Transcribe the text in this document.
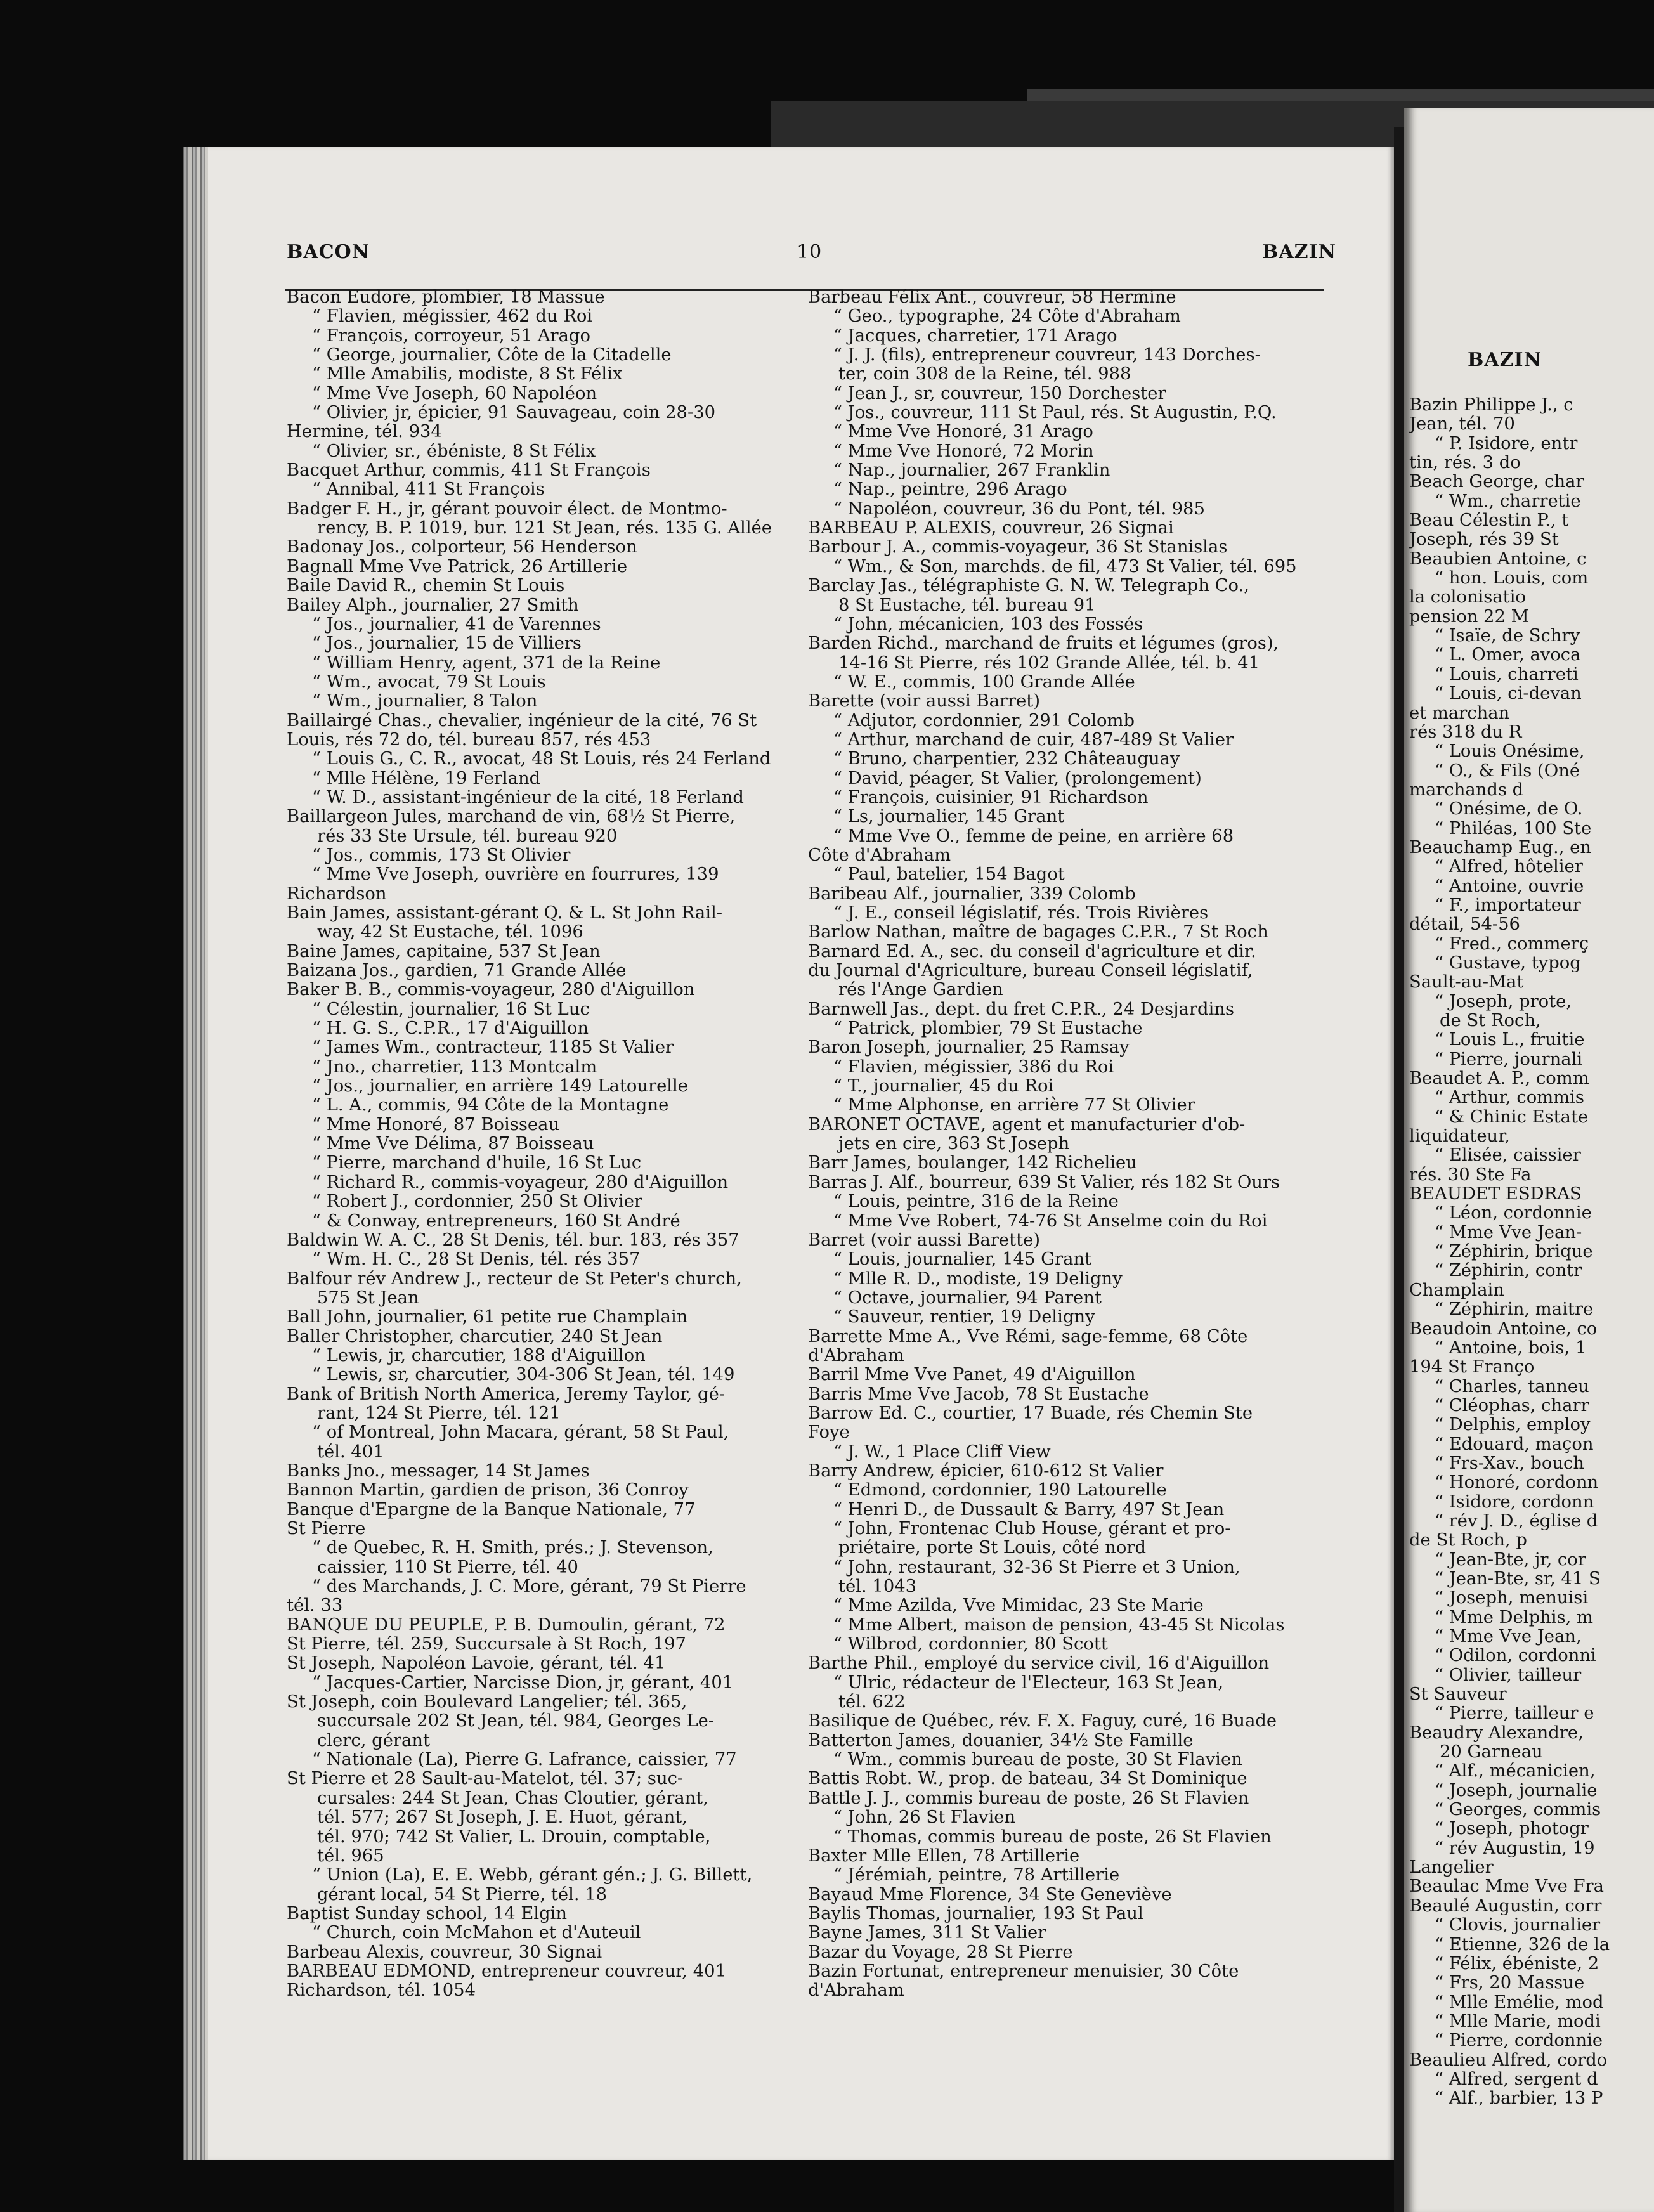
BACON	10	BAZIN
Bacon Eudore, plombier, 18 Massue
“ Flavien, mégissier, 462 du Roi
“ François, corroyeur, 51 Arago
“ George, journalier, Côte de la Citadelle
“ Mlle Amabilis, modiste, 8 St Félix
“ Mme Vve Joseph, 60 Napoléon
“ Olivier, jr, épicier, 91 Sauvageau, coin 28-30
Hermine, tél. 934
“ Olivier, sr., ébéniste, 8 St Félix
Bacquet Arthur, commis, 411 St François
“ Annibal, 411 St François
Badger F. H., jr, gérant pouvoir élect. de Montmo-
rency, B. P. 1019, bur. 121 St Jean, rés. 135 G. Allée
Badonay Jos., colporteur, 56 Henderson
Bagnall Mme Vve Patrick, 26 Artillerie
Baile David R., chemin St Louis
Bailey Alph., journalier, 27 Smith
“ Jos., journalier, 41 de Varennes
“ Jos., journalier, 15 de Villiers
“ William Henry, agent, 371 de la Reine
“ Wm., avocat, 79 St Louis
“ Wm., journalier, 8 Talon
Baillairgé Chas., chevalier, ingénieur de la cité, 76 St
Louis, rés 72 do, tél. bureau 857, rés 453
“ Louis G., C. R., avocat, 48 St Louis, rés 24 Ferland
“ Mlle Hélène, 19 Ferland
“ W. D., assistant-ingénieur de la cité, 18 Ferland
Baillargeon Jules, marchand de vin, 68½ St Pierre,
rés 33 Ste Ursule, tél. bureau 920
“ Jos., commis, 173 St Olivier
“ Mme Vve Joseph, ouvrière en fourrures, 139
Richardson
Bain James, assistant-gérant Q. & L. St John Rail-
way, 42 St Eustache, tél. 1096
Baine James, capitaine, 537 St Jean
Baizana Jos., gardien, 71 Grande Allée
Baker B. B., commis-voyageur, 280 d'Aiguillon
“ Célestin, journalier, 16 St Luc
“ H. G. S., C.P.R., 17 d'Aiguillon
“ James Wm., contracteur, 1185 St Valier
“ Jno., charretier, 113 Montcalm
“ Jos., journalier, en arrière 149 Latourelle
“ L. A., commis, 94 Côte de la Montagne
“ Mme Honoré, 87 Boisseau
“ Mme Vve Délima, 87 Boisseau
“ Pierre, marchand d'huile, 16 St Luc
“ Richard R., commis-voyageur, 280 d'Aiguillon
“ Robert J., cordonnier, 250 St Olivier
“ & Conway, entrepreneurs, 160 St André
Baldwin W. A. C., 28 St Denis, tél. bur. 183, rés 357
“ Wm. H. C., 28 St Denis, tél. rés 357
Balfour rév Andrew J., recteur de St Peter's church,
575 St Jean
Ball John, journalier, 61 petite rue Champlain
Baller Christopher, charcutier, 240 St Jean
“ Lewis, jr, charcutier, 188 d'Aiguillon
“ Lewis, sr, charcutier, 304-306 St Jean, tél. 149
Bank of British North America, Jeremy Taylor, gé-
rant, 124 St Pierre, tél. 121
“ of Montreal, John Macara, gérant, 58 St Paul,
tél. 401
Banks Jno., messager, 14 St James
Bannon Martin, gardien de prison, 36 Conroy
Banque d'Epargne de la Banque Nationale, 77
St Pierre
“ de Quebec, R. H. Smith, prés.; J. Stevenson,
caissier, 110 St Pierre, tél. 40
“ des Marchands, J. C. More, gérant, 79 St Pierre
tél. 33
BANQUE DU PEUPLE, P. B. Dumoulin, gérant, 72
St Pierre, tél. 259, Succursale à St Roch, 197
St Joseph, Napoléon Lavoie, gérant, tél. 41
“ Jacques-Cartier, Narcisse Dion, jr, gérant, 401
St Joseph, coin Boulevard Langelier; tél. 365,
succursale 202 St Jean, tél. 984, Georges Le-
clerc, gérant
“ Nationale (La), Pierre G. Lafrance, caissier, 77
St Pierre et 28 Sault-au-Matelot, tél. 37; suc-
cursales: 244 St Jean, Chas Cloutier, gérant,
tél. 577; 267 St Joseph, J. E. Huot, gérant,
tél. 970; 742 St Valier, L. Drouin, comptable,
tél. 965
“ Union (La), E. E. Webb, gérant gén.; J. G. Billett,
gérant local, 54 St Pierre, tél. 18
Baptist Sunday school, 14 Elgin
“ Church, coin McMahon et d'Auteuil
Barbeau Alexis, couvreur, 30 Signai
BARBEAU EDMOND, entrepreneur couvreur, 401
Richardson, tél. 1054
Barbeau Félix Ant., couvreur, 58 Hermine
“ Geo., typographe, 24 Côte d'Abraham
“ Jacques, charretier, 171 Arago
“ J. J. (fils), entrepreneur couvreur, 143 Dorches-
ter, coin 308 de la Reine, tél. 988
“ Jean J., sr, couvreur, 150 Dorchester
“ Jos., couvreur, 111 St Paul, rés. St Augustin, P.Q.
“ Mme Vve Honoré, 31 Arago
“ Mme Vve Honoré, 72 Morin
“ Nap., journalier, 267 Franklin
“ Nap., peintre, 296 Arago
“ Napoléon, couvreur, 36 du Pont, tél. 985
BARBEAU P. ALEXIS, couvreur, 26 Signai
Barbour J. A., commis-voyageur, 36 St Stanislas
“ Wm., & Son, marchds. de fil, 473 St Valier, tél. 695
Barclay Jas., télégraphiste G. N. W. Telegraph Co.,
8 St Eustache, tél. bureau 91
“ John, mécanicien, 103 des Fossés
Barden Richd., marchand de fruits et légumes (gros),
14-16 St Pierre, rés 102 Grande Allée, tél. b. 41
“ W. E., commis, 100 Grande Allée
Barette (voir aussi Barret)
“ Adjutor, cordonnier, 291 Colomb
“ Arthur, marchand de cuir, 487-489 St Valier
“ Bruno, charpentier, 232 Châteauguay
“ David, péager, St Valier, (prolongement)
“ François, cuisinier, 91 Richardson
“ Ls, journalier, 145 Grant
“ Mme Vve O., femme de peine, en arrière 68
Côte d'Abraham
“ Paul, batelier, 154 Bagot
Baribeau Alf., journalier, 339 Colomb
“ J. E., conseil législatif, rés. Trois Rivières
Barlow Nathan, maître de bagages C.P.R., 7 St Roch
Barnard Ed. A., sec. du conseil d'agriculture et dir.
du Journal d'Agriculture, bureau Conseil législatif,
rés l'Ange Gardien
Barnwell Jas., dept. du fret C.P.R., 24 Desjardins
“ Patrick, plombier, 79 St Eustache
Baron Joseph, journalier, 25 Ramsay
“ Flavien, mégissier, 386 du Roi
“ T., journalier, 45 du Roi
“ Mme Alphonse, en arrière 77 St Olivier
BARONET OCTAVE, agent et manufacturier d'ob-
jets en cire, 363 St Joseph
Barr James, boulanger, 142 Richelieu
Barras J. Alf., bourreur, 639 St Valier, rés 182 St Ours
“ Louis, peintre, 316 de la Reine
“ Mme Vve Robert, 74-76 St Anselme coin du Roi
Barret (voir aussi Barette)
“ Louis, journalier, 145 Grant
“ Mlle R. D., modiste, 19 Deligny
“ Octave, journalier, 94 Parent
“ Sauveur, rentier, 19 Deligny
Barrette Mme A., Vve Rémi, sage-femme, 68 Côte
d'Abraham
Barril Mme Vve Panet, 49 d'Aiguillon
Barris Mme Vve Jacob, 78 St Eustache
Barrow Ed. C., courtier, 17 Buade, rés Chemin Ste
Foye
“ J. W., 1 Place Cliff View
Barry Andrew, épicier, 610-612 St Valier
“ Edmond, cordonnier, 190 Latourelle
“ Henri D., de Dussault & Barry, 497 St Jean
“ John, Frontenac Club House, gérant et pro-
priétaire, porte St Louis, côté nord
“ John, restaurant, 32-36 St Pierre et 3 Union,
tél. 1043
“ Mme Azilda, Vve Mimidac, 23 Ste Marie
“ Mme Albert, maison de pension, 43-45 St Nicolas
“ Wilbrod, cordonnier, 80 Scott
Barthe Phil., employé du service civil, 16 d'Aiguillon
“ Ulric, rédacteur de l'Electeur, 163 St Jean,
tél. 622
Basilique de Québec, rév. F. X. Faguy, curé, 16 Buade
Batterton James, douanier, 34½ Ste Famille
“ Wm., commis bureau de poste, 30 St Flavien
Battis Robt. W., prop. de bateau, 34 St Dominique
Battle J. J., commis bureau de poste, 26 St Flavien
“ John, 26 St Flavien
“ Thomas, commis bureau de poste, 26 St Flavien
Baxter Mlle Ellen, 78 Artillerie
“ Jérémiah, peintre, 78 Artillerie
Bayaud Mme Florence, 34 Ste Geneviève
Baylis Thomas, journalier, 193 St Paul
Bayne James, 311 St Valier
Bazar du Voyage, 28 St Pierre
Bazin Fortunat, entrepreneur menuisier, 30 Côte
d'Abraham
BAZIN
Bazin Philippe J., c
Jean, tél. 70
“ P. Isidore, entr
tin, rés. 3 do
Beach George, char
“ Wm., charretie
Beau Célestin P., t
Joseph, rés 39 St
Beaubien Antoine, c
“ hon. Louis, com
la colonisatio
pension 22 M
“ Isaïe, de Schry
“ L. Omer, avoca
“ Louis, charreti
“ Louis, ci-devan
et marchan
rés 318 du R
“ Louis Onésime,
“ O., & Fils (Oné
marchands d
“ Onésime, de O.
“ Philéas, 100 Ste
Beauchamp Eug., en
“ Alfred, hôtelier
“ Antoine, ouvrie
“ F., importateur
détail, 54-56
“ Fred., commerç
“ Gustave, typog
Sault-au-Mat
“ Joseph, prote,
de St Roch,
“ Louis L., fruitie
“ Pierre, journali
Beaudet A. P., comm
“ Arthur, commis
“ & Chinic Estate
liquidateur,
“ Elisée, caissier
rés. 30 Ste Fa
BEAUDET ESDRAS
“ Léon, cordonnie
“ Mme Vve Jean-
“ Zéphirin, brique
“ Zéphirin, contr
Champlain
“ Zéphirin, maitre
Beaudoin Antoine, co
“ Antoine, bois, 1
194 St Franço
“ Charles, tanneu
“ Cléophas, charr
“ Delphis, employ
“ Edouard, maçon
“ Frs-Xav., bouch
“ Honoré, cordonn
“ Isidore, cordonn
“ rév J. D., église d
de St Roch, p
“ Jean-Bte, jr, cor
“ Jean-Bte, sr, 41 S
“ Joseph, menuisi
“ Mme Delphis, m
“ Mme Vve Jean,
“ Odilon, cordonni
“ Olivier, tailleur
St Sauveur
“ Pierre, tailleur e
Beaudry Alexandre,
20 Garneau
“ Alf., mécanicien,
“ Joseph, journalie
“ Georges, commis
“ Joseph, photogr
“ rév Augustin, 19
Langelier
Beaulac Mme Vve Fra
Beaulé Augustin, corr
“ Clovis, journalier
“ Etienne, 326 de la
“ Félix, ébéniste, 2
“ Frs, 20 Massue
“ Mlle Emélie, mod
“ Mlle Marie, modi
“ Pierre, cordonnie
Beaulieu Alfred, cordo
“ Alfred, sergent d
“ Alf., barbier, 13 P
